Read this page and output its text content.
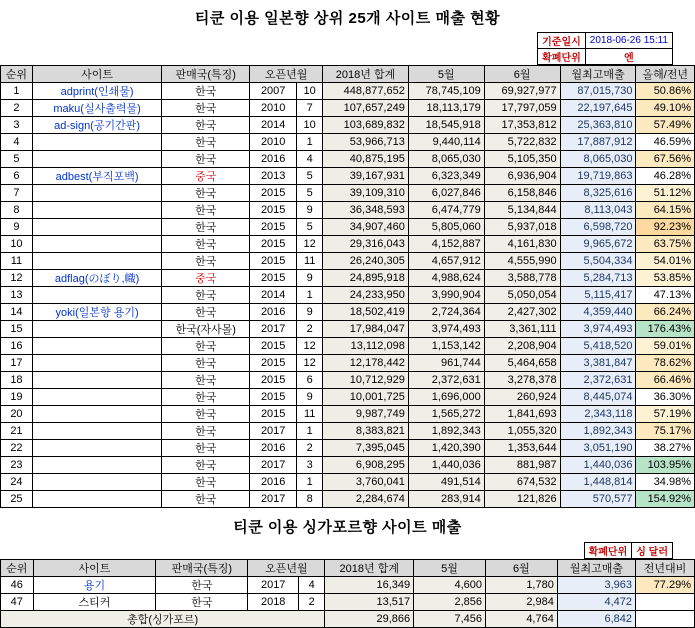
티쿤 이용 일본향 상위 25개 사이트 매출 현황
기준일시	2018-06-26 15:11
확폐단위	엔
순위	사이트	판매국(특징)	오픈년월		2018년 합계	5월	6월	월최고매출	올해/전년
1	adprint(인쇄물)	한국	2007	10	448,877,652	78,745,109	69,927,977	87,015,730	50.86%
2	maku(실사출력물)	한국	2010	7	107,657,249	18,113,179	17,797,059	22,197,645	49.10%
3	ad-sign(공기간판)	한국	2014	10	103,689,832	18,545,918	17,353,812	25,363,810	57.49%
4		한국	2010	1	53,966,713	9,440,114	5,722,832	17,887,912	46.59%
5		한국	2016	4	40,875,195	8,065,030	5,105,350	8,065,030	67.56%
6	adbest(부직포백)	중국	2013	5	39,167,931	6,323,349	6,936,904	19,719,863	46.28%
7		한국	2015	5	39,109,310	6,027,846	6,158,846	8,325,616	51.12%
8		한국	2015	9	36,348,593	6,474,779	5,134,844	8,113,043	64.15%
9		한국	2015	5	34,907,460	5,805,060	5,937,018	6,598,720	92.23%
10		한국	2015	12	29,316,043	4,152,887	4,161,830	9,965,672	63.75%
11		한국	2015	11	26,240,305	4,657,912	4,555,990	5,504,334	54.01%
12	adflag(のぼり,幟)	중국	2015	9	24,895,918	4,988,624	3,588,778	5,284,713	53.85%
13		한국	2014	1	24,233,950	3,990,904	5,050,054	5,115,417	47.13%
14	yoki(일본향 용기)	한국	2016	9	18,502,419	2,724,364	2,427,302	4,359,440	66.24%
15		한국(자사몰)	2017	2	17,984,047	3,974,493	3,361,111	3,974,493	176.43%
16		한국	2015	12	13,112,098	1,153,142	2,208,904	5,418,520	59.01%
17		한국	2015	12	12,178,442	961,744	5,464,658	3,381,847	78.62%
18		한국	2015	6	10,712,929	2,372,631	3,278,378	2,372,631	66.46%
19		한국	2015	9	10,001,725	1,696,000	260,924	8,445,074	36.30%
20		한국	2015	11	9,987,749	1,565,272	1,841,693	2,343,118	57.19%
21		한국	2017	1	8,383,821	1,892,343	1,055,320	1,892,343	75.17%
22		한국	2016	2	7,395,045	1,420,390	1,353,644	3,051,190	38.27%
23		한국	2017	3	6,908,295	1,440,036	881,987	1,440,036	103.95%
24		한국	2016	1	3,760,041	491,514	674,532	1,448,814	34.98%
25		한국	2017	8	2,284,674	283,914	121,826	570,577	154.92%
티쿤 이용 싱가포르향 사이트 매출
확폐단위	싱 달러
순위	사이트	판매국(특징)	오픈년월		2018년 합계	5월	6월	월최고매출	전년대비
46	용기	한국	2017	4	16,349	4,600	1,780	3,963	77.29%
47	스티커	한국	2018	2	13,517	2,856	2,984	4,472	
총합(싱가포르)					29,866	7,456	4,764	6,842	
